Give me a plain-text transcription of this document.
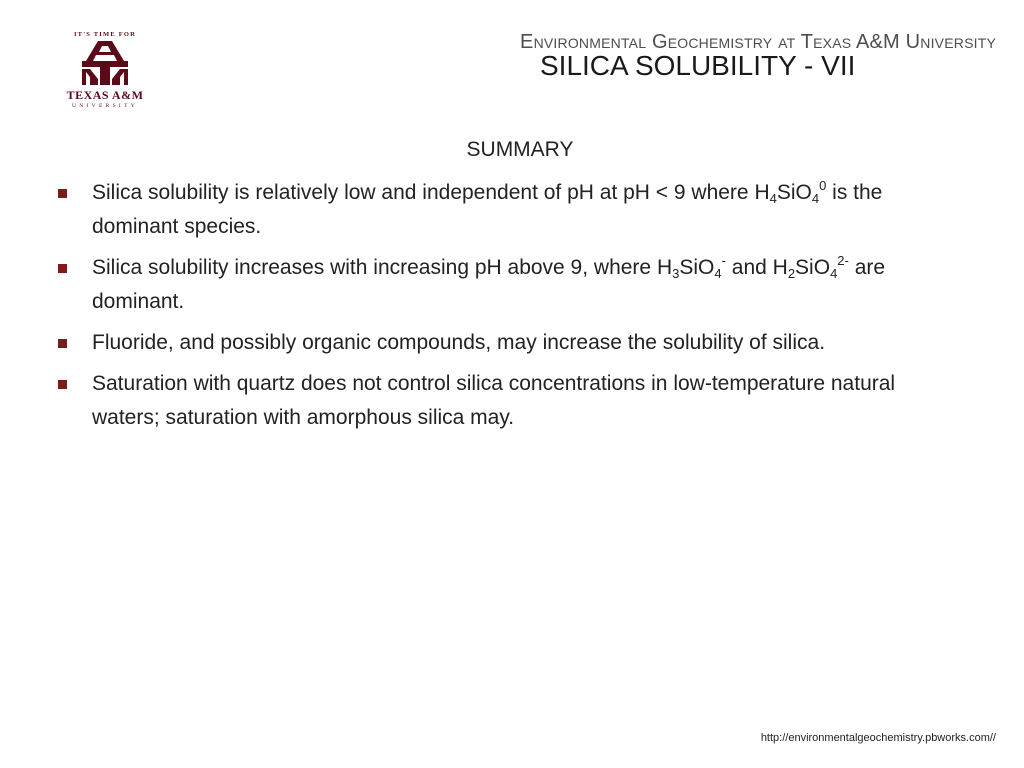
IT'S TIME FOR
TEXAS A&M
UNIVERSITY
Environmental Geochemistry at Texas A&M University
SILICA SOLUBILITY - VII
SUMMARY
Silica solubility is relatively low and independent of pH at pH < 9 where $H_4SiO_4^0$ is the dominant species.
Silica solubility increases with increasing pH above 9, where $H_3SiO_4^-$ and $H_2SiO_4^{2-}$ are dominant.
Fluoride, and possibly organic compounds, may increase the solubility of silica.
Saturation with quartz does not control silica concentrations in low-temperature natural waters; saturation with amorphous silica may.
http://environmentalgeochemistry.pbworks.com//
